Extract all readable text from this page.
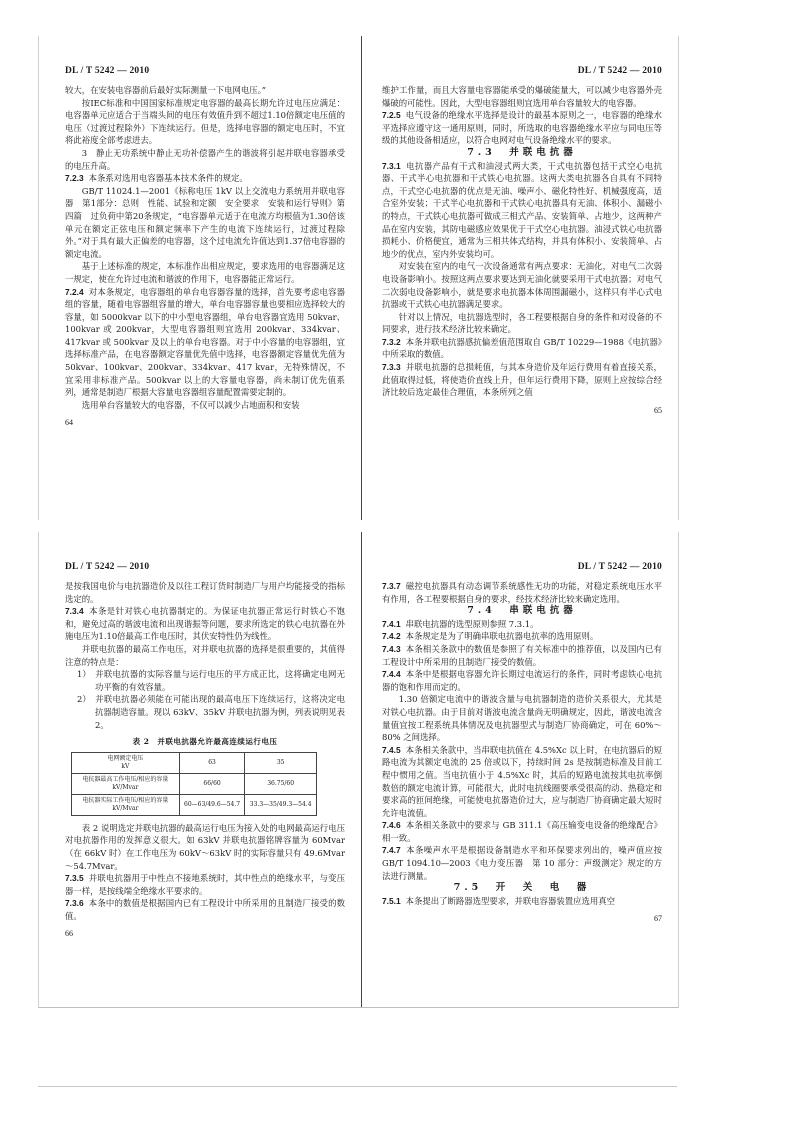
DL / T 5242 — 2010

较大，在安装电容器前后最好实际测量一下电网电压。”

按IEC标准和中国国家标准规定电容器的最高长期允许过电压应满足：电容器单元应适合于当端头间的电压有效值升到不超过1.10倍额定电压值的电压（过渡过程除外）下连续运行。但是，选择电容器的额定电压时，不宜将此裕度全部考虑进去。

3　静止无功系统中静止无功补偿器产生的谐波将引起并联电容器承受的电压升高。

7.2.3 本条系对选用电容器基本技术条件的规定。

GB/T 11024.1—2001《标称电压 1kV 以上交流电力系统用并联电容器　第1部分：总则　性能、试验和定额　安全要求　安装和运行导则》第四篇　过负荷中第20条规定，“电容器单元适于在电流方均根值为1.30倍该单元在额定正弦电压和额定频率下产生的电流下连续运行，过渡过程除外。”对于具有最大正偏差的电容器，这个过电流允许值达到1.37倍电容器的额定电流。

基于上述标准的规定，本标准作出相应规定，要求选用的电容器满足这一规定，使在允许过电流和谐波的作用下，电容器能正常运行。

7.2.4 对本条规定，电容器组的单台电容器容量的选择，首先要考虑电容器组的容量，随着电容器组容量的增大，单台电容器容量也要相应选择较大的容量，如 5000kvar 以下的中小型电容器组，单台电容器宜选用 50kvar、100kvar 或 200kvar，大型电容器组则宜选用 200kvar、334kvar、417kvar 或 500kvar 及以上的单台电容器。对于中小容量的电容器组，宜选择标准产品，在电容器额定容量优先值中选择，电容器额定容量优先值为 50kvar、100kvar、200kvar、334kvar、417 kvar，无特殊情况，不宜采用非标准产品。500kvar 以上的大容量电容器，尚未制订优先值系列，通常是制造厂根据大容量电容器组容量配置需要定制的。

选用单台容量较大的电容器，不仅可以减少占地面积和安装

64
DL / T 5242 — 2010

维护工作量，而且大容量电容器能承受的爆破能量大，可以减少电容器外壳爆破的可能性。因此，大型电容器组则宜选用单台容量较大的电容器。

7.2.5 电气设备的绝缘水平选择是设计的最基本原则之一，电容器的绝缘水平选择应遵守这一通用原则，同时，所选取的电容器绝缘水平应与同电压等级的其他设备相适应，以符合电网对电气设备绝缘水平的要求。

7.3　并联电抗器

7.3.1 电抗器产品有干式和油浸式两大类，干式电抗器包括干式空心电抗器、干式半心电抗器和干式铁心电抗器。这两大类电抗器各自具有不同特点，干式空心电抗器的优点是无油、噪声小、磁化特性好、机械强度高，适合室外安装；干式半心电抗器和干式铁心电抗器具有无油、体积小、漏磁小的特点，干式铁心电抗器可做成三相式产品、安装简单、占地少，这两种产品在室内安装，其防电磁感应效果优于干式空心电抗器。油浸式铁心电抗器损耗小、价格便宜，通常为三相共体式结构，并具有体积小、安装简单、占地少的优点，室内外安装均可。

对安装在室内的电气一次设备通常有两点要求：无油化，对电气二次弱电设备影响小。按照这两点要求要达到无油化就要采用干式电抗器；对电气二次弱电设备影响小，就是要求电抗器本体周围漏磁小，这样只有半心式电抗器或干式铁心电抗器满足要求。

针对以上情况，电抗器选型时，各工程要根据自身的条件和对设备的不同要求，进行技术经济比较来确定。

7.3.2 本条并联电抗器感抗偏差值范围取自 GB/T 10229—1988《电抗器》中所采取的数值。

7.3.3 并联电抗器的总损耗值，与其本身造价及年运行费用有着直接关系，此值取得过低，将使造价直线上升，但年运行费用下降，原则上应按综合经济比较后选定最佳合理值，本条所列之值

65
DL / T 5242 — 2010

是按我国电价与电抗器造价及以往工程订货时制造厂与用户均能接受的指标选定的。

7.3.4 本条是针对铁心电抗器制定的。为保证电抗器正常运行时铁心不饱和，避免过高的谐波电流和出现谐振等问题，要求所选定的铁心电抗器在外施电压为1.10倍最高工作电压时，其伏安特性仍为线性。

并联电抗器的最高工作电压，对并联电抗器的选择是很重要的，其值得注意的特点是：

1） 并联电抗器的实际容量与运行电压的平方成正比，这将确定电网无功平衡的有效容量。

2） 并联电抗器必须能在可能出现的最高电压下连续运行，这将决定电抗器制造容量。现以 63kV、35kV 并联电抗器为例，列表说明见表 2。

表 2　并联电抗器允许最高连续运行电压
电网额定电压
kV	63	35
电抗器最高工作电压/相应的容量
kV/Mvar	66/60	36.75/60
电抗器实际工作电压/相应的容量
kV/Mvar	60—63/49.6—54.7	33.3—35/49.3—54.4

表 2 说明选定并联电抗器的最高运行电压为接入处的电网最高运行电压对电抗器作用的发挥意义很大。如 63kV 并联电抗器铭牌容量为 60Mvar（在 66kV 时）在工作电压为 60kV～63kV 时的实际容量只有 49.6Mvar～54.7Mvar。

7.3.5 并联电抗器用于中性点不接地系统时，其中性点的绝缘水平，与变压器一样，是按线端全绝缘水平要求的。

7.3.6 本条中的数值是根据国内已有工程设计中所采用的且制造厂接受的数值。

66
DL / T 5242 — 2010

7.3.7 磁控电抗器具有动态调节系统感性无功的功能，对稳定系统电压水平有作用，各工程要根据自身的要求，经技术经济比较来确定选用。

7.4　串联电抗器

7.4.1 串联电抗器的选型原则参照 7.3.1。

7.4.2 本条规定是为了明确串联电抗器电抗率的选用原则。

7.4.3 本条相关条款中的数值是参照了有关标准中的推荐值，以及国内已有工程设计中所采用的且制造厂接受的数值。

7.4.4 本条中是根据电容器允许长期过电流运行的条件，同时考虑铁心电抗器的饱和作用而定的。

1.30 倍额定电流中的谐波含量与电抗器制造的造价关系很大，尤其是对铁心电抗器。由于目前对谐波电流含量尚无明确规定，因此，谐波电流含量值宜按工程系统具体情况及电抗器型式与制造厂协商确定，可在 60%～80% 之间选择。

7.4.5 本条相关条款中，当串联电抗值在 4.5%Xc 以上时，在电抗器后的短路电流为其额定电流的 25 倍或以下，持续时间 2s 是按制造标准及目前工程中惯用之值。当电抗值小于 4.5%Xc 时，其后的短路电流按其电抗率倒数倍的额定电流计算，可能很大，此时电抗线圈要承受很高的动、热稳定和要求高的匝间绝缘，可能使电抗器造价过大，应与制造厂协商确定最大短时允许电流值。

7.4.6 本条相关条款中的要求与 GB 311.1《高压输变电设备的绝缘配合》相一致。

7.4.7 本条噪声水平是根据设备制造水平和环保要求列出的，噪声值应按 GB/T 1094.10—2003《电力变压器　第 10 部分：声级测定》规定的方法进行测量。

7.5　开　关　电　器

7.5.1 本条提出了断路器选型要求，并联电容器装置应选用真空

67
